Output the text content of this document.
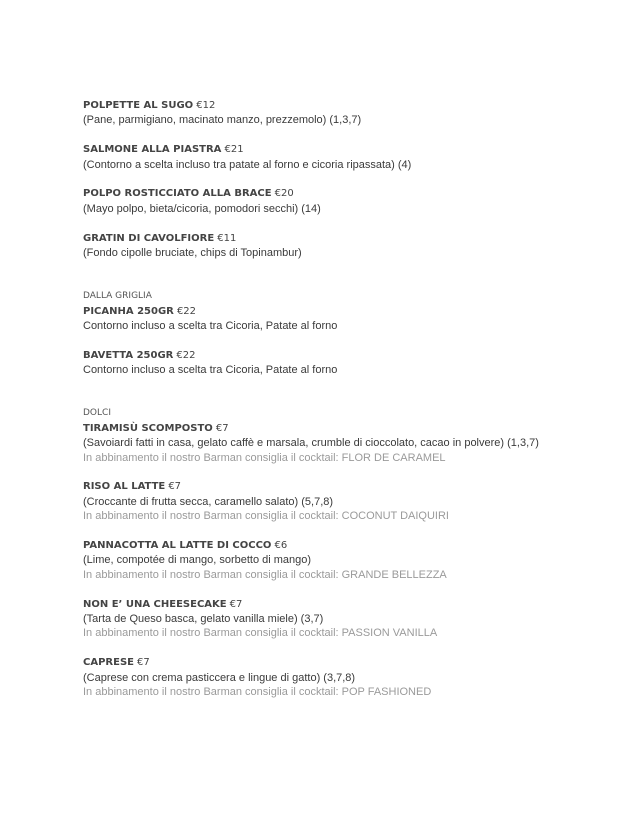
POLPETTE AL SUGO €12
(Pane, parmigiano, macinato manzo, prezzemolo) (1,3,7)
SALMONE ALLA PIASTRA €21
(Contorno a scelta incluso tra patate al forno e cicoria ripassata) (4)
POLPO ROSTICCIATO ALLA BRACE €20
(Mayo polpo, bieta/cicoria, pomodori secchi) (14)
GRATIN DI CAVOLFIORE €11
(Fondo cipolle bruciate, chips di Topinambur)
DALLA GRIGLIA
PICANHA 250GR €22
Contorno incluso a scelta tra Cicoria, Patate al forno
BAVETTA 250GR €22
Contorno incluso a scelta tra Cicoria, Patate al forno
DOLCI
TIRAMISÙ SCOMPOSTO €7
(Savoiardi fatti in casa, gelato caffè e marsala, crumble di cioccolato, cacao in polvere) (1,3,7)
In abbinamento il nostro Barman consiglia il cocktail: FLOR DE CARAMEL
RISO AL LATTE €7
(Croccante di frutta secca, caramello salato) (5,7,8)
In abbinamento il nostro Barman consiglia il cocktail: COCONUT DAIQUIRI
PANNACOTTA AL LATTE DI COCCO €6
(Lime, compotée di mango, sorbetto di mango)
In abbinamento il nostro Barman consiglia il cocktail: GRANDE BELLEZZA
NON E’ UNA CHEESECAKE €7
(Tarta de Queso basca, gelato vanilla miele) (3,7)
In abbinamento il nostro Barman consiglia il cocktail: PASSION VANILLA
CAPRESE €7
(Caprese con crema pasticcera e lingue di gatto) (3,7,8)
In abbinamento il nostro Barman consiglia il cocktail: POP FASHIONED
